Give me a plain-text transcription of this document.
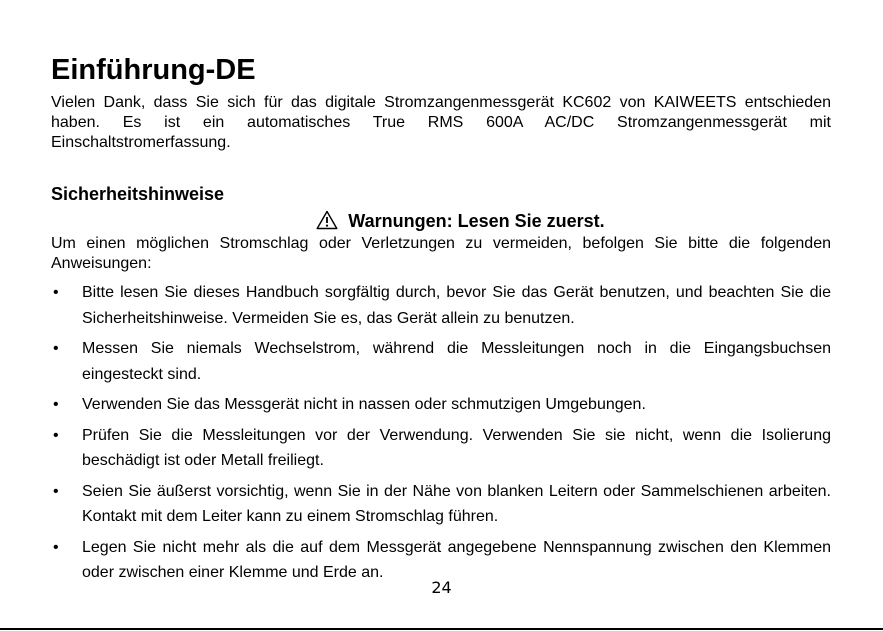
Einführung-DE
Vielen Dank, dass Sie sich für das digitale Stromzangenmessgerät KC602 von KAIWEETS entschieden haben. Es ist ein automatisches True RMS 600A AC/DC Stromzangenmessgerät mit Einschaltstromerfassung.
Sicherheitshinweise
Warnungen: Lesen Sie zuerst.
Um einen möglichen Stromschlag oder Verletzungen zu vermeiden, befolgen Sie bitte die folgenden Anweisungen:
• Bitte lesen Sie dieses Handbuch sorgfältig durch, bevor Sie das Gerät benutzen, und beachten Sie die Sicherheitshinweise. Vermeiden Sie es, das Gerät allein zu benutzen.
• Messen Sie niemals Wechselstrom, während die Messleitungen noch in die Eingangsbuchsen eingesteckt sind.
• Verwenden Sie das Messgerät nicht in nassen oder schmutzigen Umgebungen.
• Prüfen Sie die Messleitungen vor der Verwendung. Verwenden Sie sie nicht, wenn die Isolierung beschädigt ist oder Metall freiliegt.
• Seien Sie äußerst vorsichtig, wenn Sie in der Nähe von blanken Leitern oder Sammelschienen arbeiten. Kontakt mit dem Leiter kann zu einem Stromschlag führen.
• Legen Sie nicht mehr als die auf dem Messgerät angegebene Nennspannung zwischen den Klemmen oder zwischen einer Klemme und Erde an.
24
